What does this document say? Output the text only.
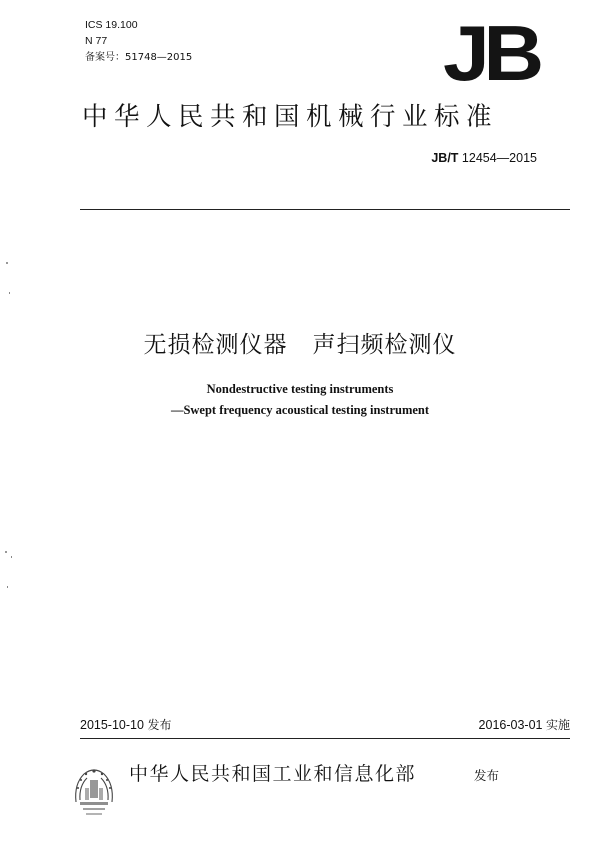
ICS 19.100
N 77
备案号：51748—2015	JB
中华人民共和国机械行业标准
JB/T 12454—2015
无损检测仪器 声扫频检测仪
Nondestructive testing instruments
—Swept frequency acoustical testing instrument
2015-10-10 发布	2016-03-01 实施
中华人民共和国工业和信息化部	发布
